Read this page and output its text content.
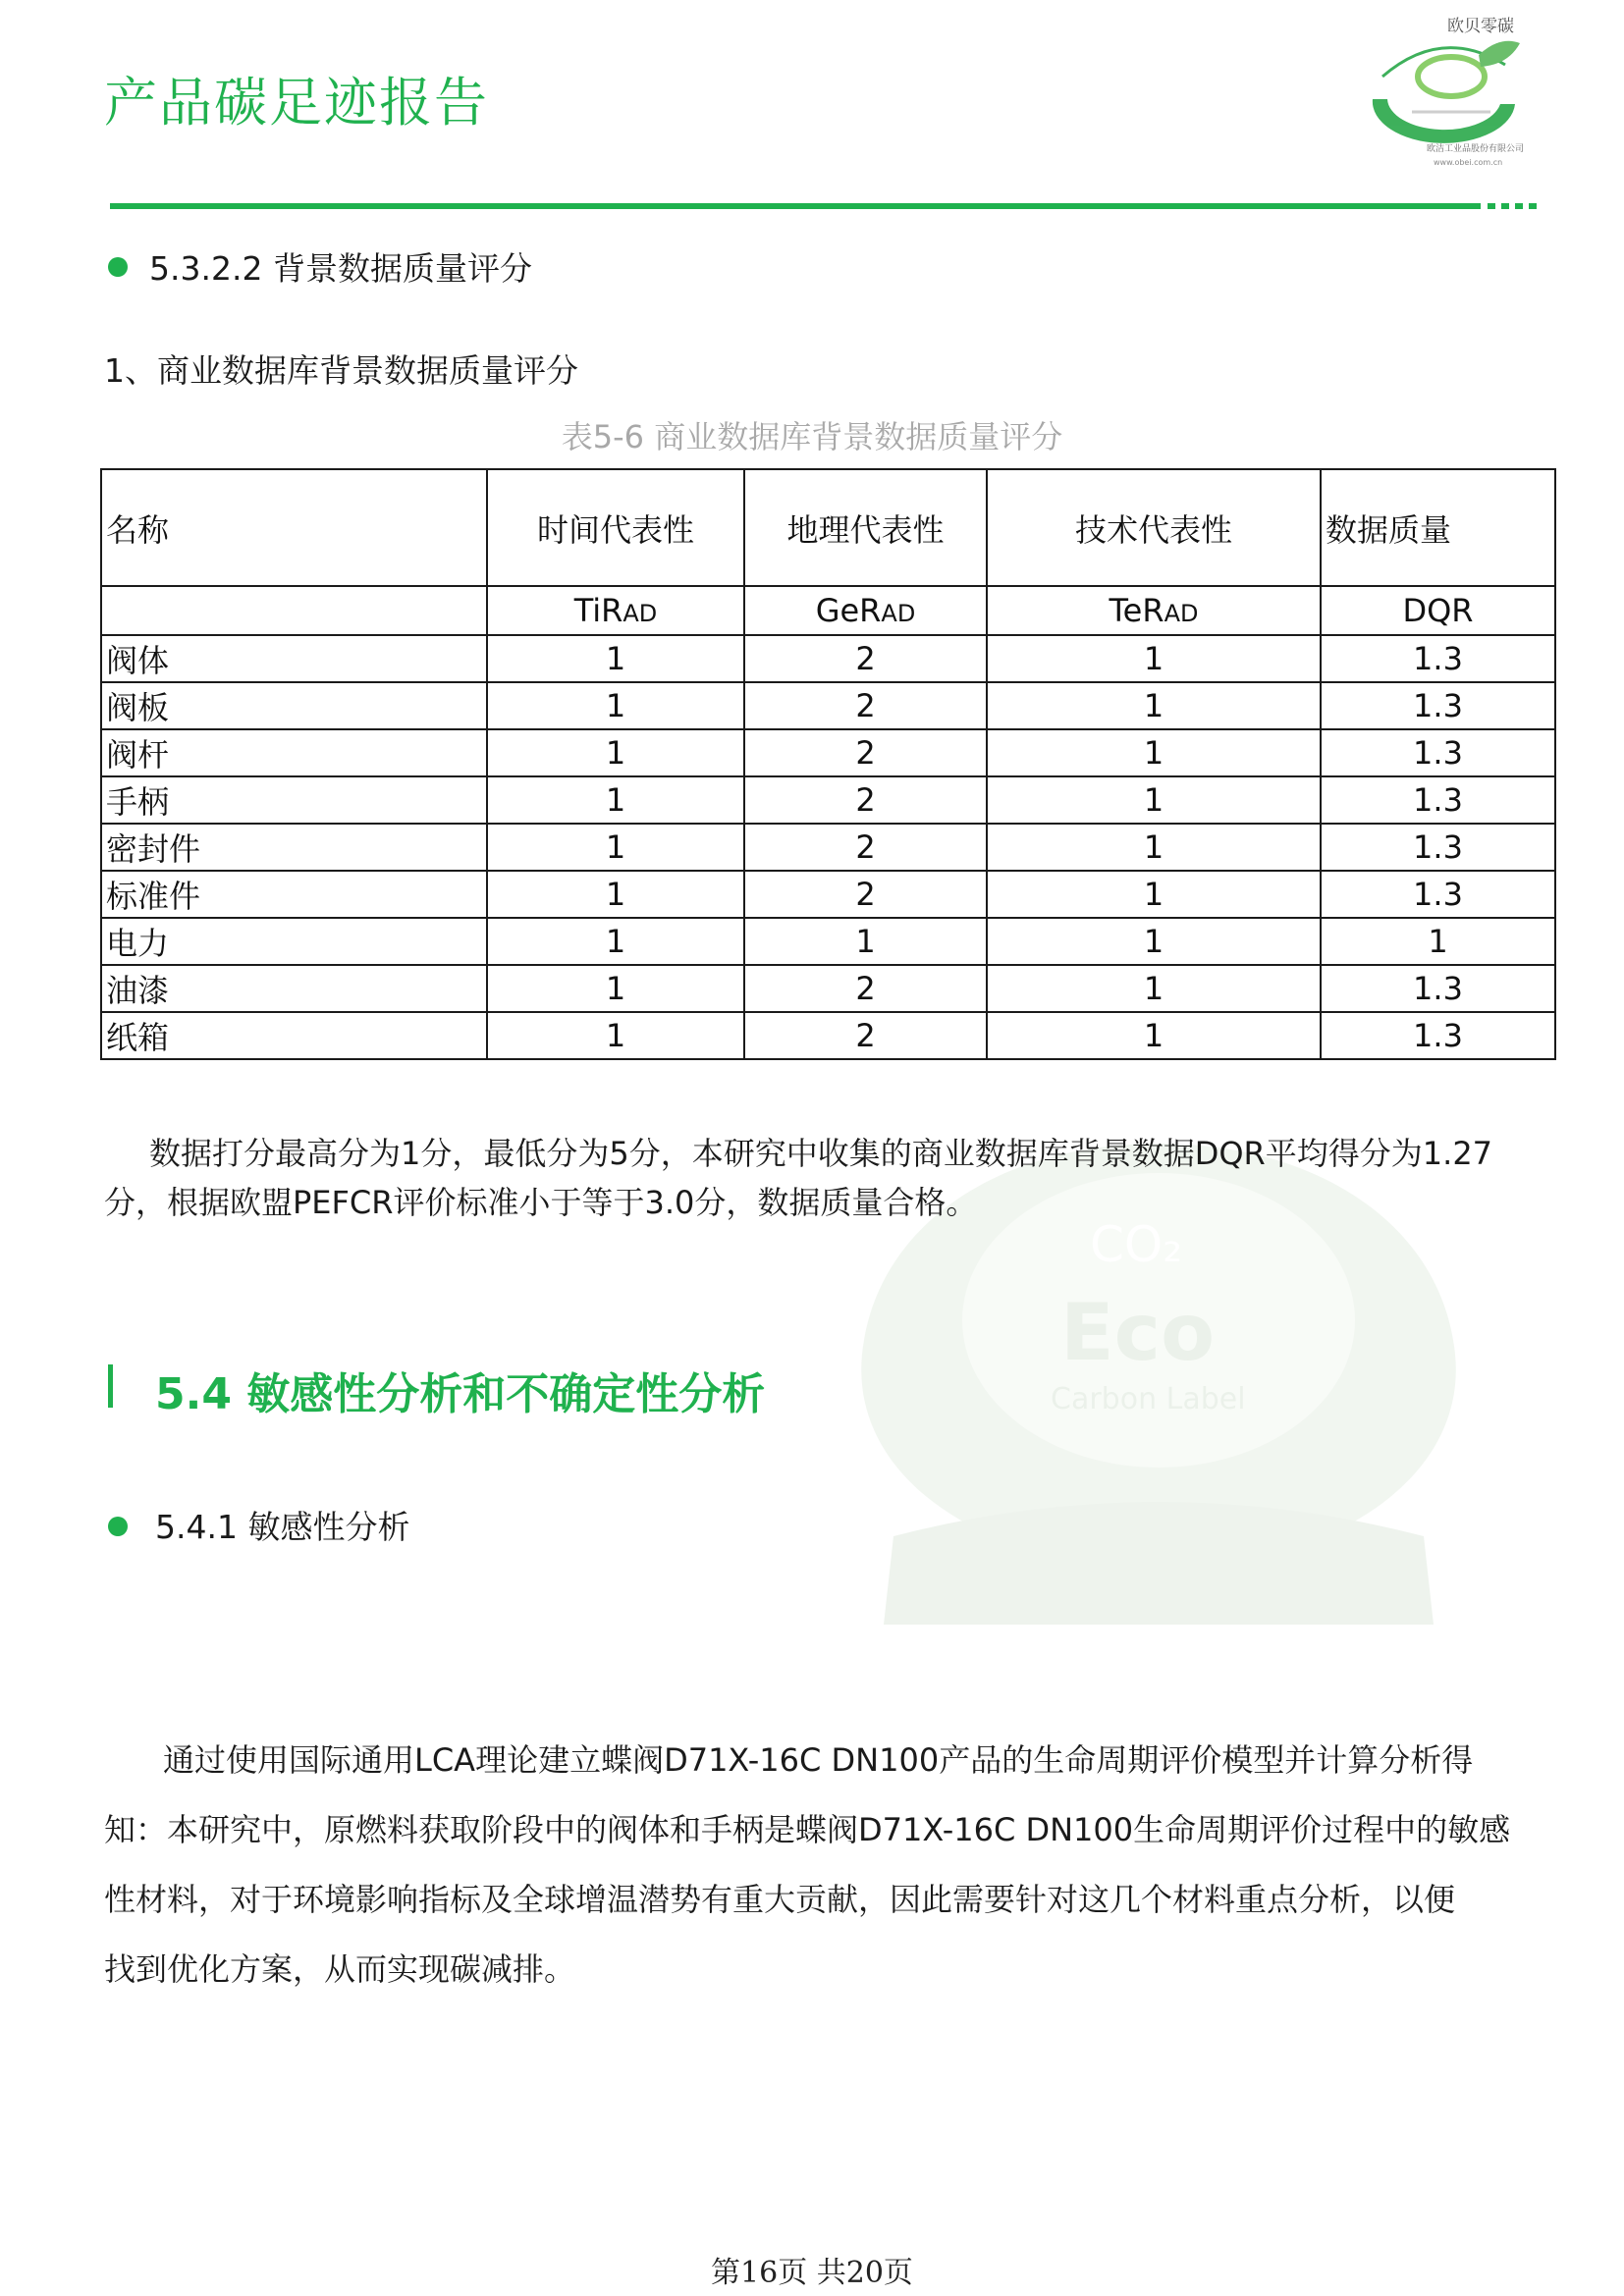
产品碳足迹报告
欧贝零碳
欧洁工业品股份有限公司
www.obei.com.cn
CO₂
Eco
Carbon Label
5.3.2.2 背景数据质量评分
1、商业数据库背景数据质量评分
表5-6 商业数据库背景数据质量评分
名称	时间代表性	地理代表性	技术代表性	数据质量
	TiRAD	GeRAD	TeRAD	DQR
阀体	1	2	1	1.3
阀板	1	2	1	1.3
阀杆	1	2	1	1.3
手柄	1	2	1	1.3
密封件	1	2	1	1.3
标准件	1	2	1	1.3
电力	1	1	1	1
油漆	1	2	1	1.3
纸箱	1	2	1	1.3
数据打分最高分为1分，最低分为5分，本研究中收集的商业数据库背景数据DQR平均得分为1.27
分，根据欧盟PEFCR评价标准小于等于3.0分，数据质量合格。
5.4 敏感性分析和不确定性分析
5.4.1 敏感性分析
通过使用国际通用LCA理论建立蝶阀D71X-16C DN100产品的生命周期评价模型并计算分析得
知：本研究中，原燃料获取阶段中的阀体和手柄是蝶阀D71X-16C DN100生命周期评价过程中的敏感
性材料，对于环境影响指标及全球增温潜势有重大贡献，因此需要针对这几个材料重点分析，以便
找到优化方案，从而实现碳减排。
第16页 共20页
